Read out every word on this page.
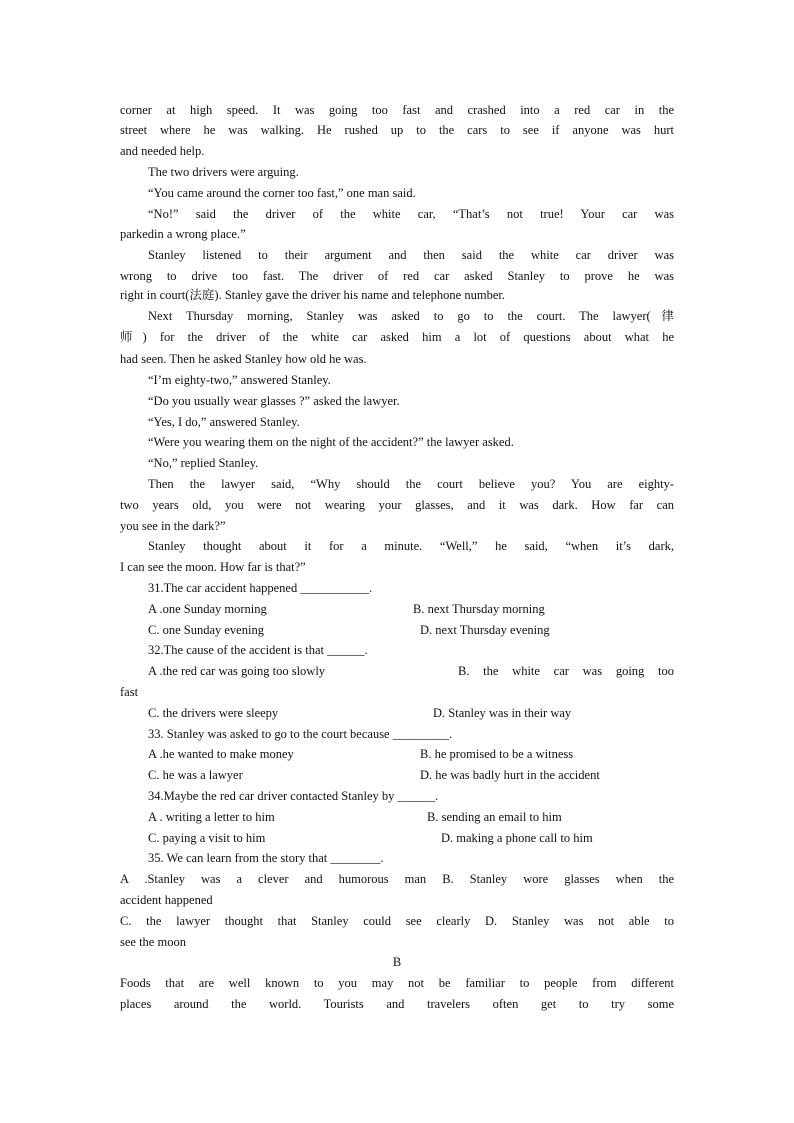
corner at high speed. It was going too fast and crashed into a red car in the
street where he was walking. He rushed up to the cars to see if anyone was hurt
and needed help.
The two drivers were arguing.
“You came around the corner too fast,” one man said.
“No!” said the driver of the white car, “That’s not true! Your car was
parkedin a wrong place.”
Stanley listened to their argument and then said the white car driver was
wrong to drive too fast. The driver of red car asked Stanley to prove he was
right in court(法庭). Stanley gave the driver his name and telephone number.
Next Thursday morning, Stanley was asked to go to the court. The lawyer(律
师) for the driver of the white car asked him a lot of questions about what he
had seen. Then he asked Stanley how old he was.
“I’m eighty-two,” answered Stanley.
“Do you usually wear glasses ?” asked the lawyer.
“Yes, I do,” answered Stanley.
“Were you wearing them on the night of the accident?” the lawyer asked.
“No,” replied Stanley.
Then the lawyer said, “Why should the court believe you? You are eighty-
two years old, you were not wearing your glasses, and it was dark. How far can
you see in the dark?”
Stanley thought about it for a minute. “Well,” he said, “when it’s dark,
I can see the moon. How far is that?”
31.The car accident happened ___________.
A .one Sunday morning	B. next Thursday morning
C. one Sunday evening	D. next Thursday evening
32.The cause of the accident is that ______.
A .the red car was going too slowly	B. the white car was going too
fast
C. the drivers were sleepy	D. Stanley was in their way
33. Stanley was asked to go to the court because _________.
A .he wanted to make money	B. he promised to be a witness
C. he was a lawyer	D. he was badly hurt in the accident
34.Maybe the red car driver contacted Stanley by ______.
A . writing a letter to him	B. sending an email to him
C. paying a visit to him	D. making a phone call to him
35. We can learn from the story that ________.
A .Stanley was a clever and humorous man B. Stanley wore glasses when the
accident happened
C. the lawyer thought that Stanley could see clearly D. Stanley was not able to
see the moon
B
Foods that are well known to you may not be familiar to people from different
places around the world. Tourists and travelers often get to try some
